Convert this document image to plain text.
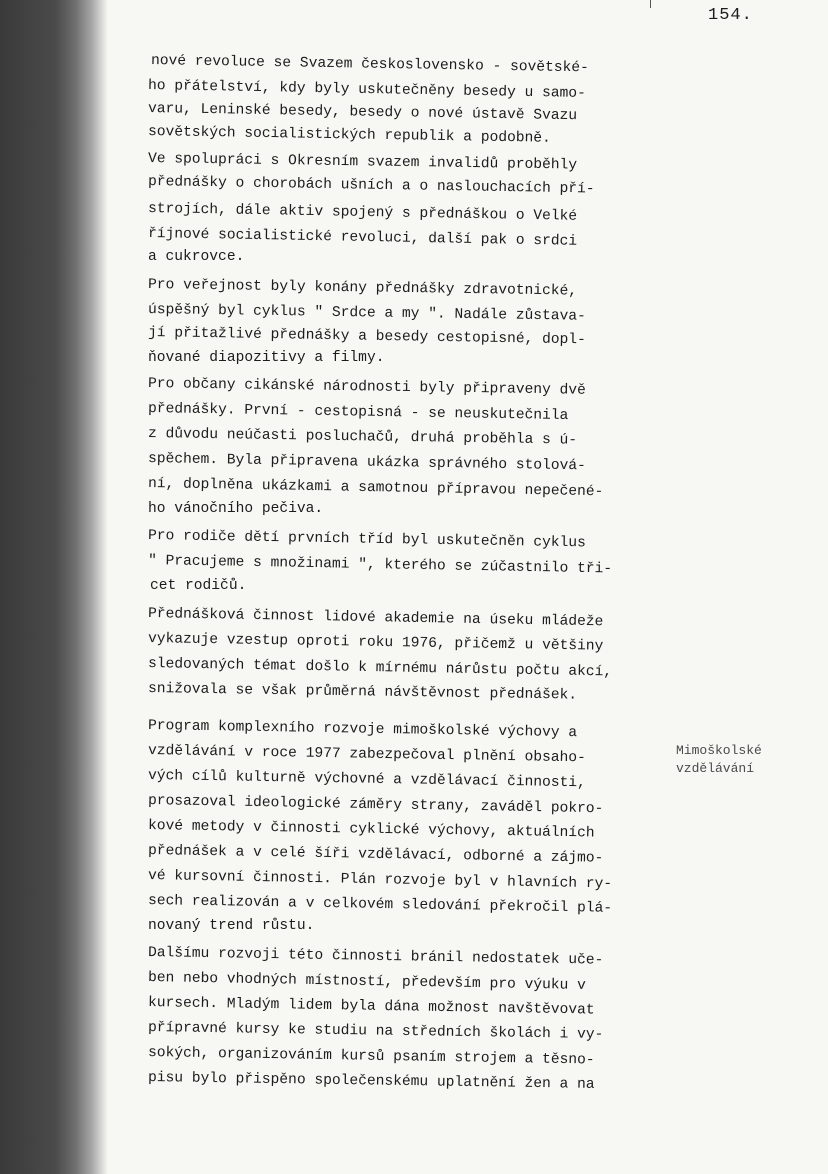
154.
nové revoluce se Svazem československo - sovětské-
ho přátelství, kdy byly uskutečněny besedy u samo-
varu, Leninské besedy, besedy o nové ústavě Svazu
sovětských socialistických republik a podobně.
Ve spolupráci s Okresním svazem invalidů proběhly
přednášky o chorobách ušních a o naslouchacích pří-
strojích, dále aktiv spojený s přednáškou o Velké
říjnové socialistické revoluci, další pak o srdci
a cukrovce.
Pro veřejnost byly konány přednášky zdravotnické,
úspěšný byl cyklus " Srdce a my ". Nadále zůstava-
jí přitažlivé přednášky a besedy cestopisné, dopl-
ňované diapozitivy a filmy.
Pro občany cikánské národnosti byly připraveny dvě
přednášky. První - cestopisná - se neuskutečnila
z důvodu neúčasti posluchačů, druhá proběhla s ú-
spěchem. Byla připravena ukázka správného stolová-
ní, doplněna ukázkami a samotnou přípravou nepečené-
ho vánočního pečiva.
Pro rodiče dětí prvních tříd byl uskutečněn cyklus
" Pracujeme s množinami ", kterého se zúčastnilo tři-
cet rodičů.
Přednášková činnost lidové akademie na úseku mládeže
vykazuje vzestup oproti roku 1976, přičemž u většiny
sledovaných témat došlo k mírnému nárůstu počtu akcí,
snižovala se však průměrná návštěvnost přednášek.
Program komplexního rozvoje mimoškolské výchovy a
vzdělávání v roce 1977 zabezpečoval plnění obsaho-
vých cílů kulturně výchovné a vzdělávací činnosti,
prosazoval ideologické záměry strany, zaváděl pokro-
kové metody v činnosti cyklické výchovy, aktuálních
přednášek a v celé šíři vzdělávací, odborné a zájmo-
vé kursovní činnosti. Plán rozvoje byl v hlavních ry-
sech realizován a v celkovém sledování překročil plá-
novaný trend růstu.
Dalšímu rozvoji této činnosti bránil nedostatek uče-
ben nebo vhodných místností, především pro výuku v
kursech. Mladým lidem byla dána možnost navštěvovat
přípravné kursy ke studiu na středních školách i vy-
sokých, organizováním kursů psaním strojem a těsno-
pisu bylo přispěno společenskému uplatnění žen a na
Mimoškolské
vzdělávání
